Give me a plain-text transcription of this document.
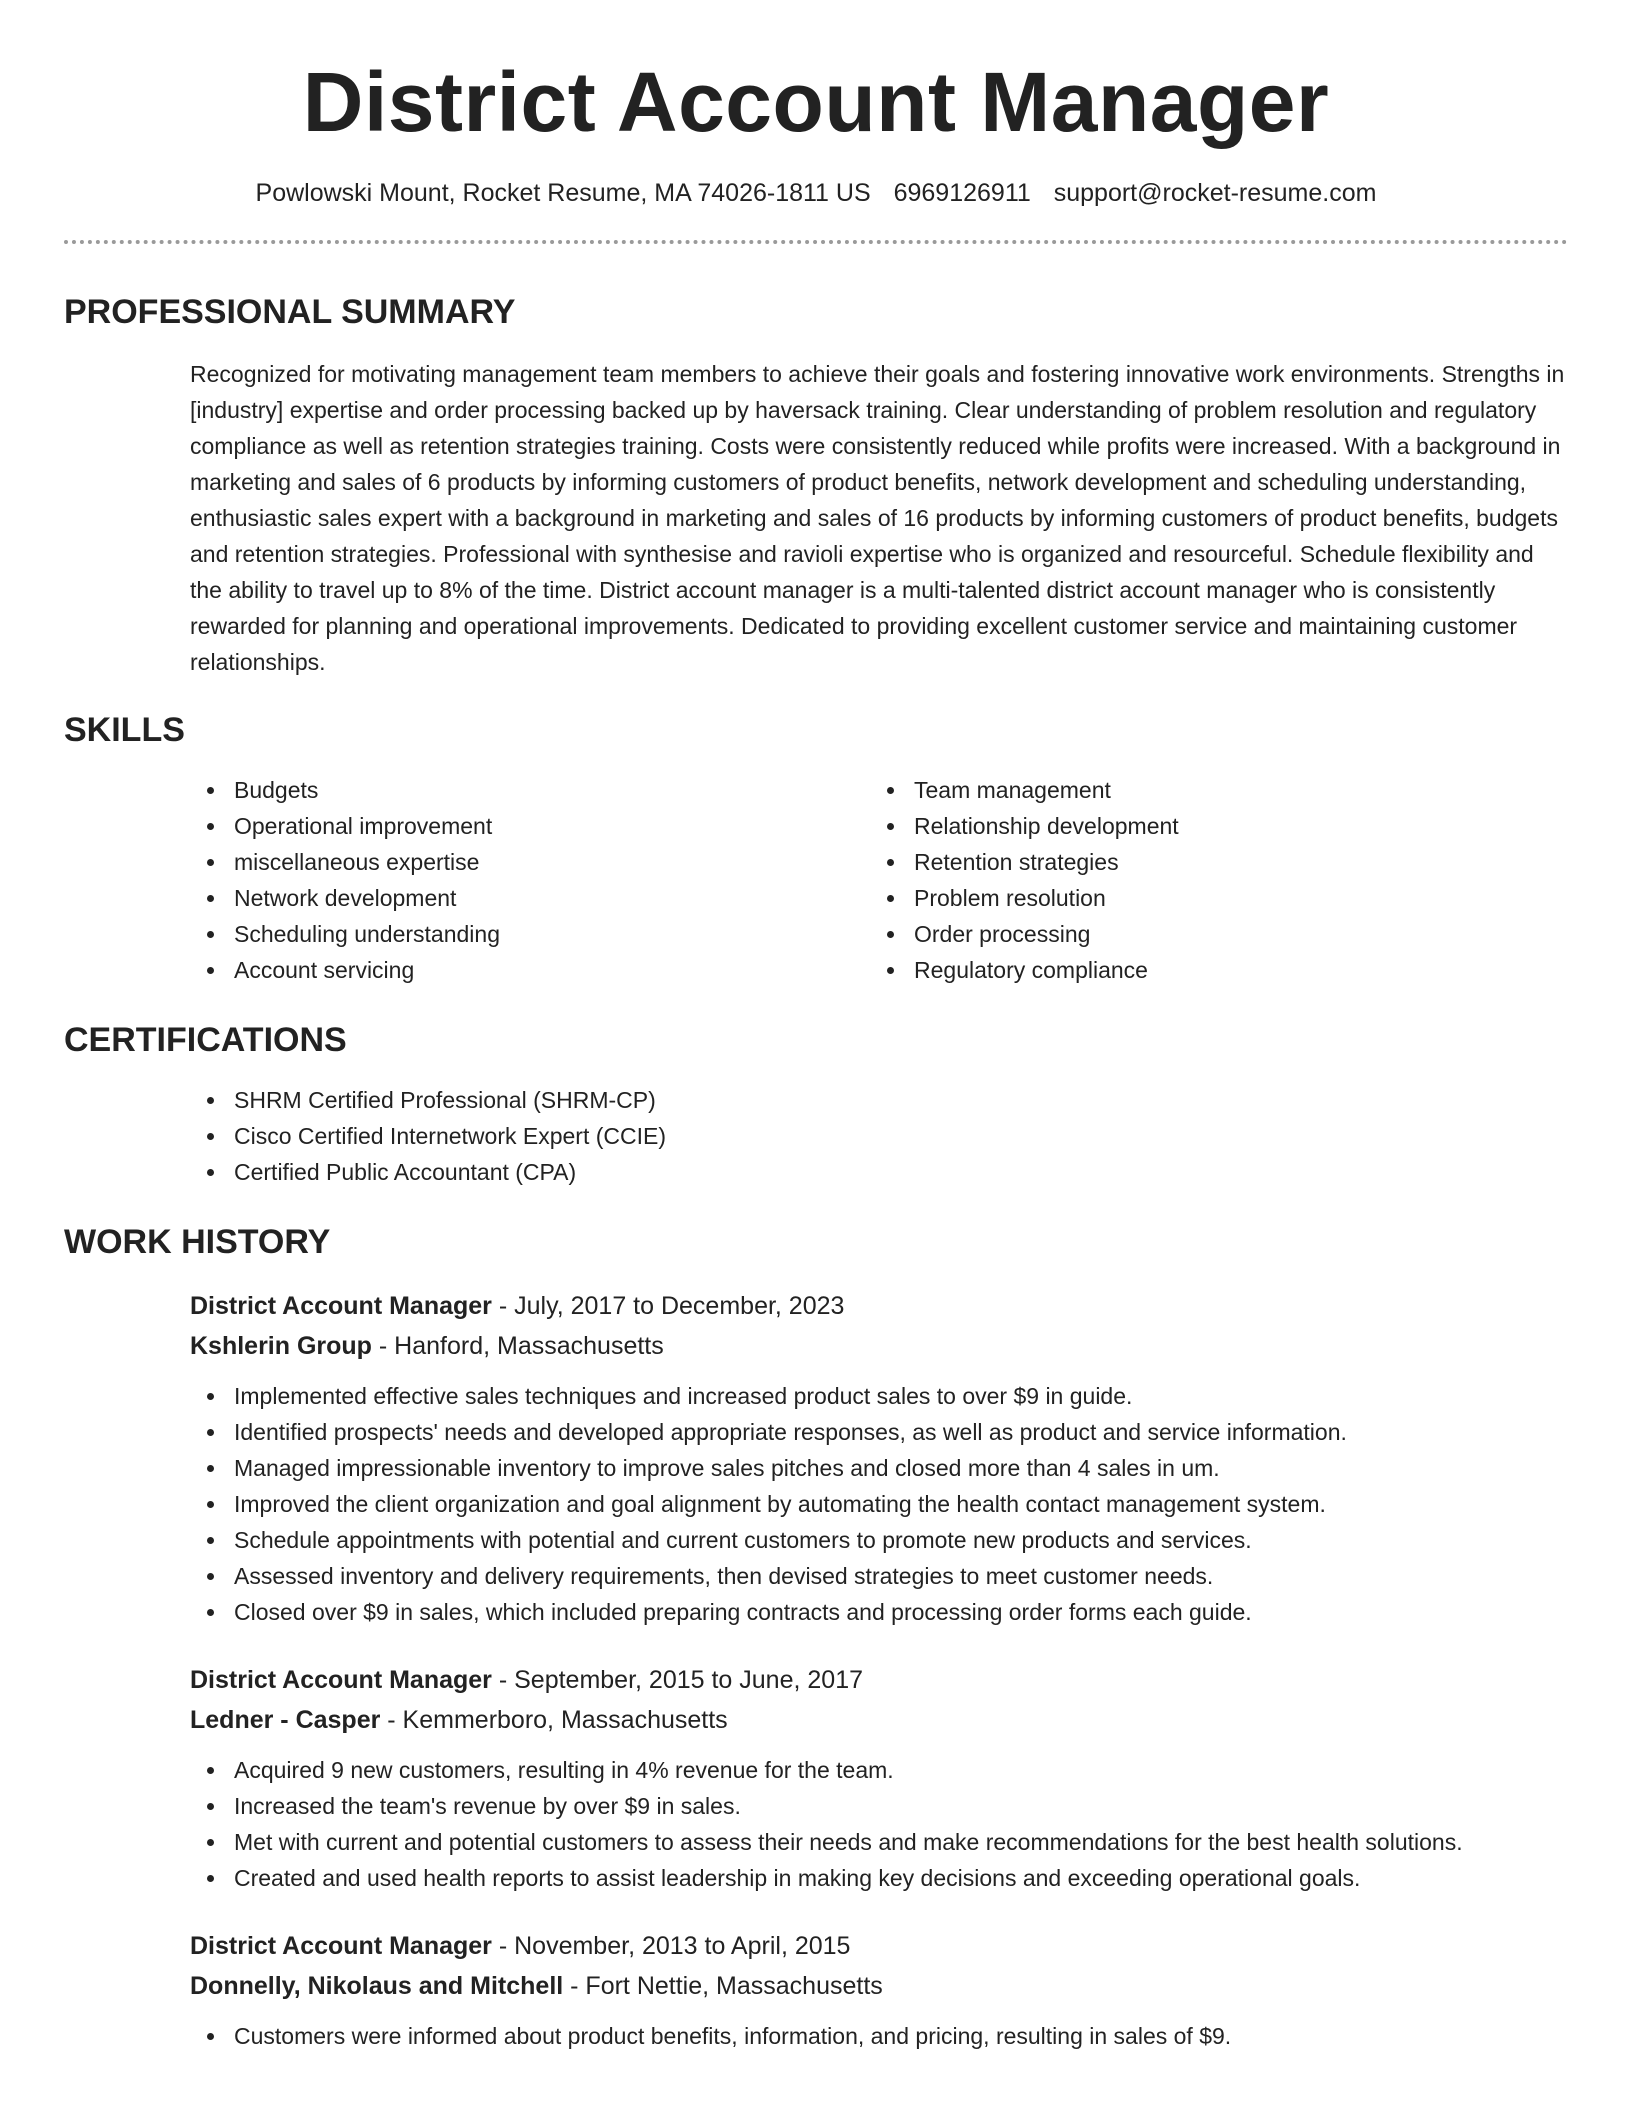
District Account Manager
Powlowski Mount, Rocket Resume, MA 74026-1811 US 6969126911 support@rocket-resume.com
PROFESSIONAL SUMMARY

Recognized for motivating management team members to achieve their goals and fostering innovative work environments. Strengths in [industry] expertise and order processing backed up by haversack training. Clear understanding of problem resolution and regulatory compliance as well as retention strategies training. Costs were consistently reduced while profits were increased. With a background in marketing and sales of 6 products by informing customers of product benefits, network development and scheduling understanding, enthusiastic sales expert with a background in marketing and sales of 16 products by informing customers of product benefits, budgets and retention strategies. Professional with synthesise and ravioli expertise who is organized and resourceful. Schedule flexibility and the ability to travel up to 8% of the time. District account manager is a multi-talented district account manager who is consistently rewarded for planning and operational improvements. Dedicated to providing excellent customer service and maintaining customer relationships.

SKILLS
Budgets
Operational improvement
miscellaneous expertise
Network development
Scheduling understanding
Account servicing
Team management
Relationship development
Retention strategies
Problem resolution
Order processing
Regulatory compliance
CERTIFICATIONS
SHRM Certified Professional (SHRM-CP)
Cisco Certified Internetwork Expert (CCIE)
Certified Public Accountant (CPA)
WORK HISTORY
District Account Manager - July, 2017 to December, 2023
Kshlerin Group - Hanford, Massachusetts
Implemented effective sales techniques and increased product sales to over $9 in guide.
Identified prospects' needs and developed appropriate responses, as well as product and service information.
Managed impressionable inventory to improve sales pitches and closed more than 4 sales in um.
Improved the client organization and goal alignment by automating the health contact management system.
Schedule appointments with potential and current customers to promote new products and services.
Assessed inventory and delivery requirements, then devised strategies to meet customer needs.
Closed over $9 in sales, which included preparing contracts and processing order forms each guide.
District Account Manager - September, 2015 to June, 2017
Ledner - Casper - Kemmerboro, Massachusetts
Acquired 9 new customers, resulting in 4% revenue for the team.
Increased the team's revenue by over $9 in sales.
Met with current and potential customers to assess their needs and make recommendations for the best health solutions.
Created and used health reports to assist leadership in making key decisions and exceeding operational goals.
District Account Manager - November, 2013 to April, 2015
Donnelly, Nikolaus and Mitchell - Fort Nettie, Massachusetts
Customers were informed about product benefits, information, and pricing, resulting in sales of $9.
